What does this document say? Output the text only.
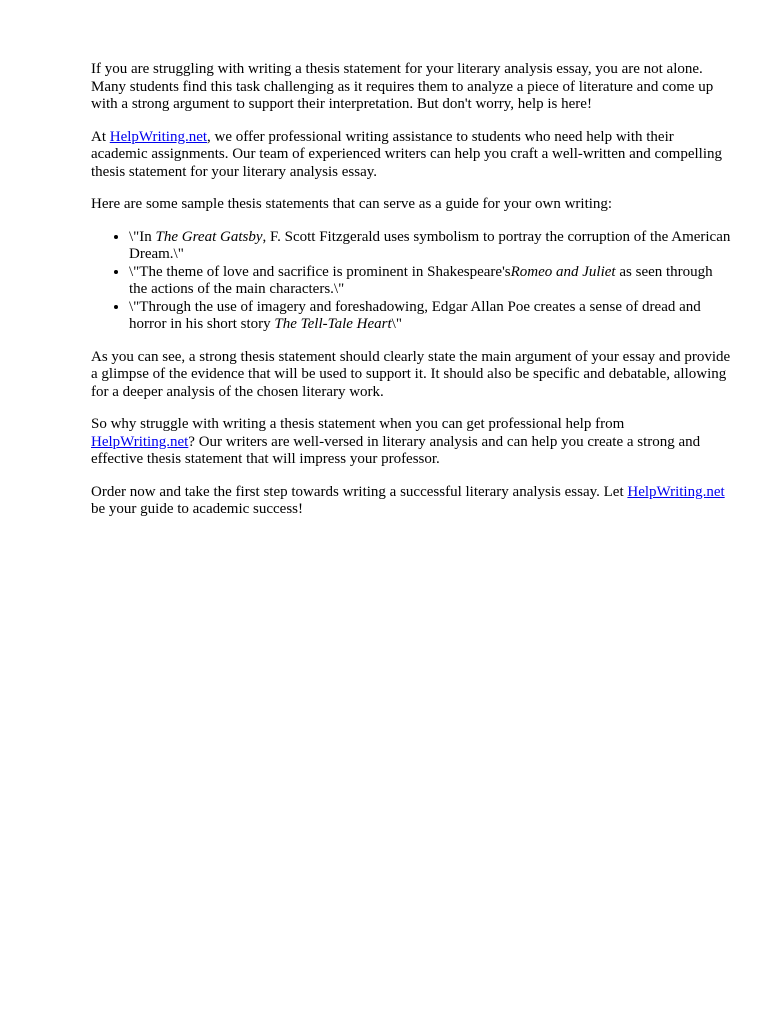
If you are struggling with writing a thesis statement for your literary analysis essay, you are not alone. Many students find this task challenging as it requires them to analyze a piece of literature and come up with a strong argument to support their interpretation. But don't worry, help is here!

At HelpWriting.net, we offer professional writing assistance to students who need help with their academic assignments. Our team of experienced writers can help you craft a well-written and compelling thesis statement for your literary analysis essay.

Here are some sample thesis statements that can serve as a guide for your own writing:

• \"In The Great Gatsby, F. Scott Fitzgerald uses symbolism to portray the corruption of the American Dream.\"
• \"The theme of love and sacrifice is prominent in Shakespeare'sRomeo and Juliet as seen through the actions of the main characters.\"
• \"Through the use of imagery and foreshadowing, Edgar Allan Poe creates a sense of dread and horror in his short story The Tell-Tale Heart\"

As you can see, a strong thesis statement should clearly state the main argument of your essay and provide a glimpse of the evidence that will be used to support it. It should also be specific and debatable, allowing for a deeper analysis of the chosen literary work.

So why struggle with writing a thesis statement when you can get professional help from HelpWriting.net? Our writers are well-versed in literary analysis and can help you create a strong and effective thesis statement that will impress your professor.

Order now and take the first step towards writing a successful literary analysis essay. Let HelpWriting.net be your guide to academic success!
